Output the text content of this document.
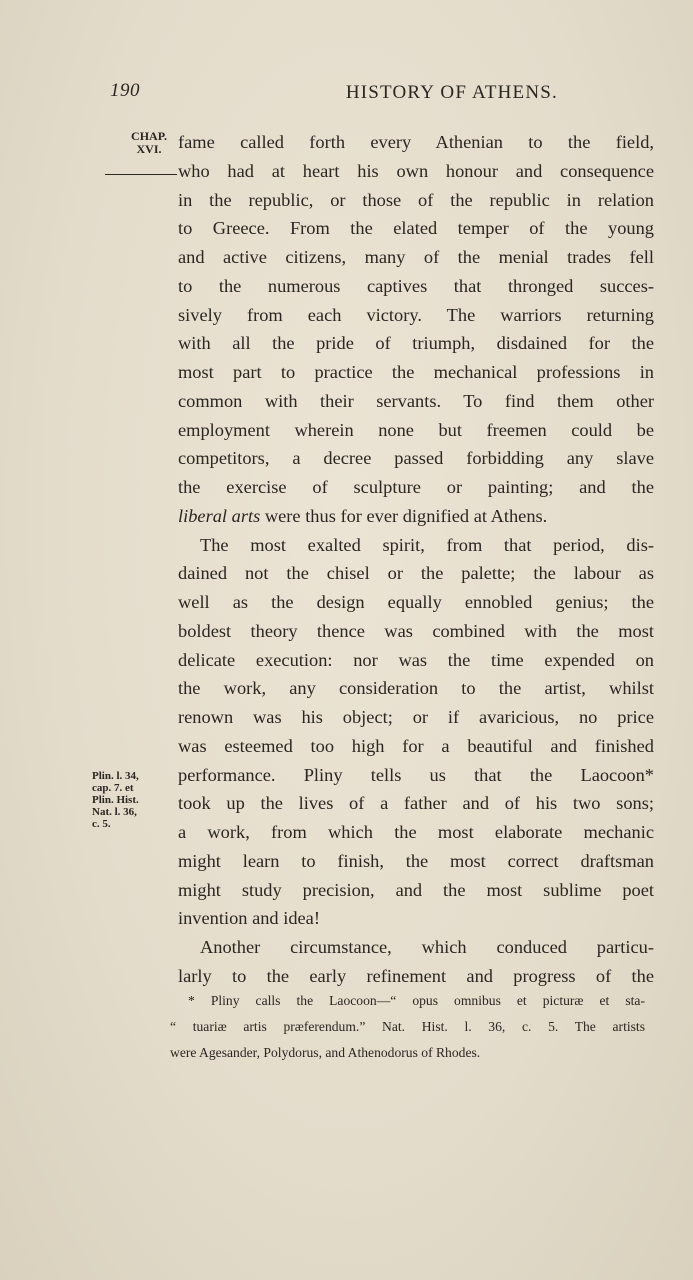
190	HISTORY OF ATHENS.
CHAP.
XVI.
Plin. l. 34,
cap. 7. et
Plin. Hist.
Nat. l. 36,
c. 5.
fame called forth every Athenian to the field,
who had at heart his own honour and consequence
in the republic, or those of the republic in relation
to Greece. From the elated temper of the young
and active citizens, many of the menial trades fell
to the numerous captives that thronged succes-
sively from each victory. The warriors returning
with all the pride of triumph, disdained for the
most part to practice the mechanical professions in
common with their servants. To find them other
employment wherein none but freemen could be
competitors, a decree passed forbidding any slave
the exercise of sculpture or painting; and the
liberal arts were thus for ever dignified at Athens.
The most exalted spirit, from that period, dis-
dained not the chisel or the palette; the labour as
well as the design equally ennobled genius; the
boldest theory thence was combined with the most
delicate execution: nor was the time expended on
the work, any consideration to the artist, whilst
renown was his object; or if avaricious, no price
was esteemed too high for a beautiful and finished
performance. Pliny tells us that the Laocoon*
took up the lives of a father and of his two sons;
a work, from which the most elaborate mechanic
might learn to finish, the most correct draftsman
might study precision, and the most sublime poet
invention and idea!
Another circumstance, which conduced particu-
larly to the early refinement and progress of the
* Pliny calls the Laocoon—“ opus omnibus et picturæ et sta-
“ tuariæ artis præferendum.” Nat. Hist. l. 36, c. 5. The artists
were Agesander, Polydorus, and Athenodorus of Rhodes.
